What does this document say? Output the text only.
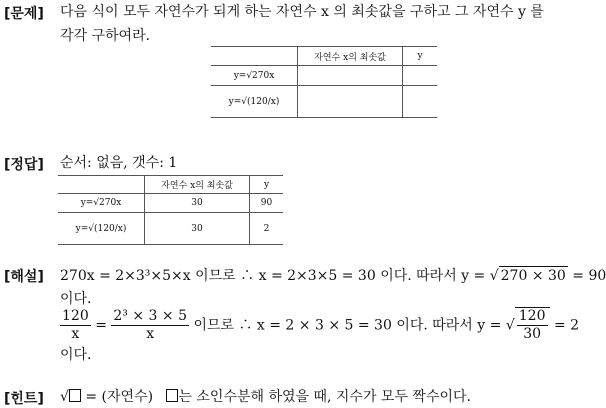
[문제] 다음 식이 모두 자연수가 되게 하는 자연수 x 의 최솟값을 구하고 그 자연수 y 를
각각 구하여라.
	자연수 x의 최솟값	y
y=√270x		
y=√(120/x)		
[정답] 순서: 없음, 갯수: 1
	자연수 x의 최솟값	y
y=√270x	30	90
y=√(120/x)	30	2
[해설] 270x = 2×3³×5×x 이므로 ∴ x = 2×3×5 = 30 이다. 따라서 y = √ 270 × 30 = 90
이다.
$\frac{120}{x} = \frac{\text{2³ × 3 × 5}}{x}$ 이므로 ∴ x = 2 × 3 × 5 = 30 이다. 따라서 y = √ $\frac{120}{30} = 2$
이다.
[힌트] √ = (자연수) 는 소인수분해 하였을 때, 지수가 모두 짝수이다.
